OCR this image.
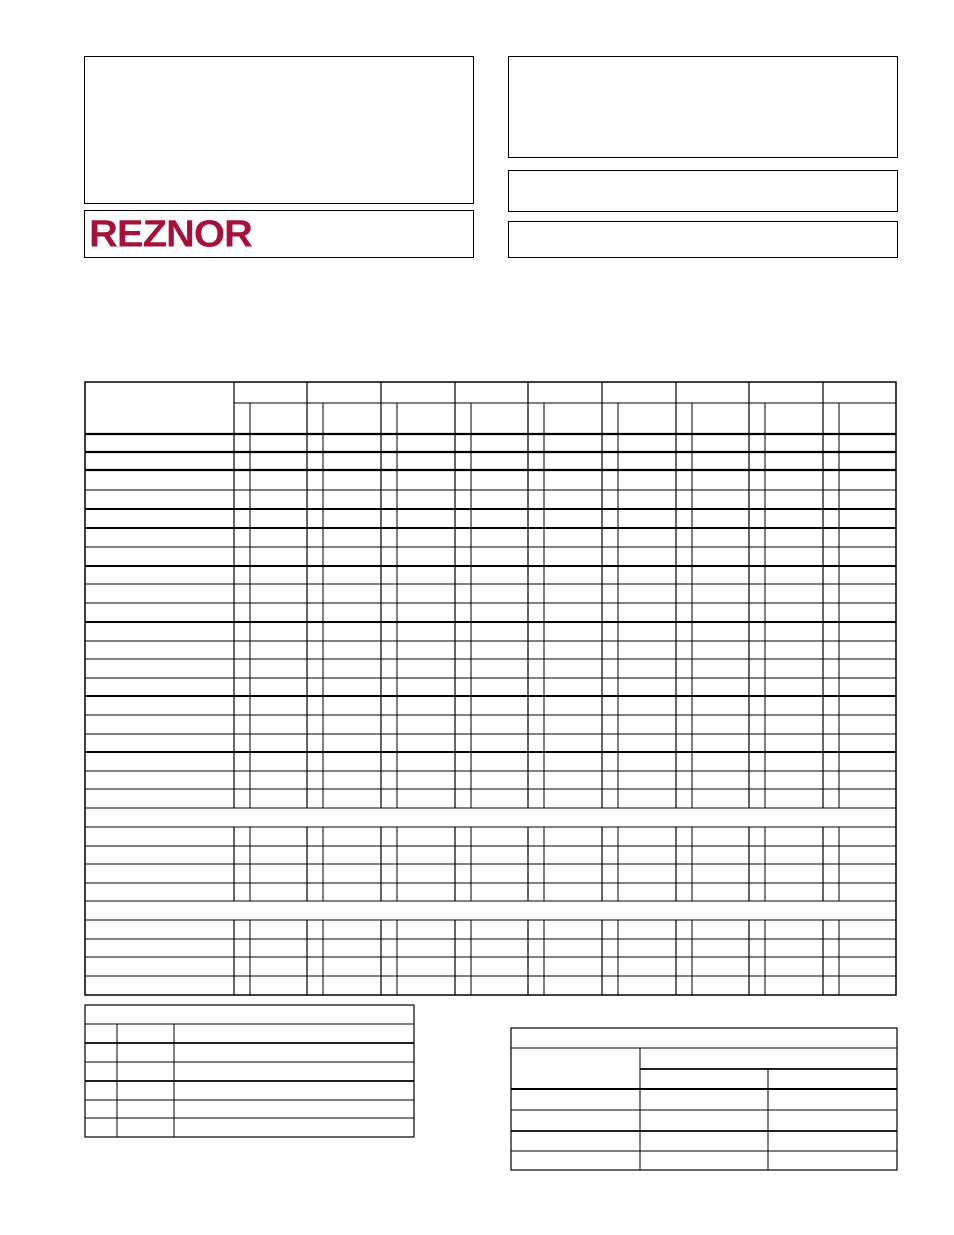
REZNOR
